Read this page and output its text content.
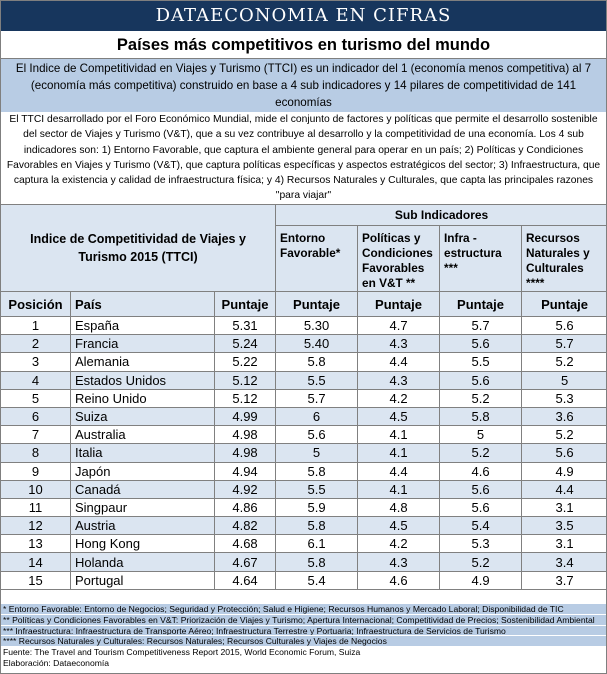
DATAECONOMIA EN CIFRAS
Países más competitivos en turismo del mundo
El Indice de Competitividad en Viajes y Turismo (TTCI) es un indicador del 1 (economía menos competitiva) al 7 (economía más competitiva) construido en base a 4 sub indicadores y 14 pilares de competitividad de 141 economías
El TTCI desarrollado por el Foro Económico Mundial, mide el conjunto de factores y políticas que permite el desarrollo sostenible del sector de Viajes y Turismo (V&T), que a su vez contribuye al desarrollo y la competitividad de una economía. Los 4 sub indicadores son: 1) Entorno Favorable, que captura el ambiente general para operar en un país; 2) Políticas y Condiciones Favorables en Viajes y Turismo (V&T), que captura políticas específicas y aspectos estratégicos del sector; 3) Infraestructura, que captura la existencia y calidad de infraestructura física; y 4) Recursos Naturales y Culturales, que capta las principales razones "para viajar"
Indice de Competitividad de Viajes y Turismo 2015 (TTCI)			Sub Indicadores			
			Entorno Favorable*	Políticas y Condiciones Favorables en V&T **	Infra - estructura ***	Recursos Naturales y Culturales ****
Posición	País	Puntaje	Puntaje	Puntaje	Puntaje	Puntaje
1	España	5.31	5.30	4.7	5.7	5.6
2	Francia	5.24	5.40	4.3	5.6	5.7
3	Alemania	5.22	5.8	4.4	5.5	5.2
4	Estados Unidos	5.12	5.5	4.3	5.6	5
5	Reino Unido	5.12	5.7	4.2	5.2	5.3
6	Suiza	4.99	6	4.5	5.8	3.6
7	Australia	4.98	5.6	4.1	5	5.2
8	Italia	4.98	5	4.1	5.2	5.6
9	Japón	4.94	5.8	4.4	4.6	4.9
10	Canadá	4.92	5.5	4.1	5.6	4.4
11	Singpaur	4.86	5.9	4.8	5.6	3.1
12	Austria	4.82	5.8	4.5	5.4	3.5
13	Hong Kong	4.68	6.1	4.2	5.3	3.1
14	Holanda	4.67	5.8	4.3	5.2	3.4
15	Portugal	4.64	5.4	4.6	4.9	3.7
* Entorno Favorable: Entorno de Negocios; Seguridad y Protección; Salud e Higiene; Recursos Humanos y Mercado Laboral; Disponibilidad de TIC
** Políticas y Condiciones Favorables en V&T: Priorización de Viajes y Turismo; Apertura Internacional; Competitividad de Precios; Sostenibilidad Ambiental
*** Infraestructura: Infraestructura de Transporte Aéreo; Infraestructura Terrestre y Portuaria; Infraestructura de Servicios de Turismo
**** Recursos Naturales y Culturales: Recursos Naturales; Recursos Culturales y Viajes de Negocios
Fuente: The Travel and Tourism Competitiveness Report 2015, World Economic Forum, Suiza
Elaboración: Dataeconomía
